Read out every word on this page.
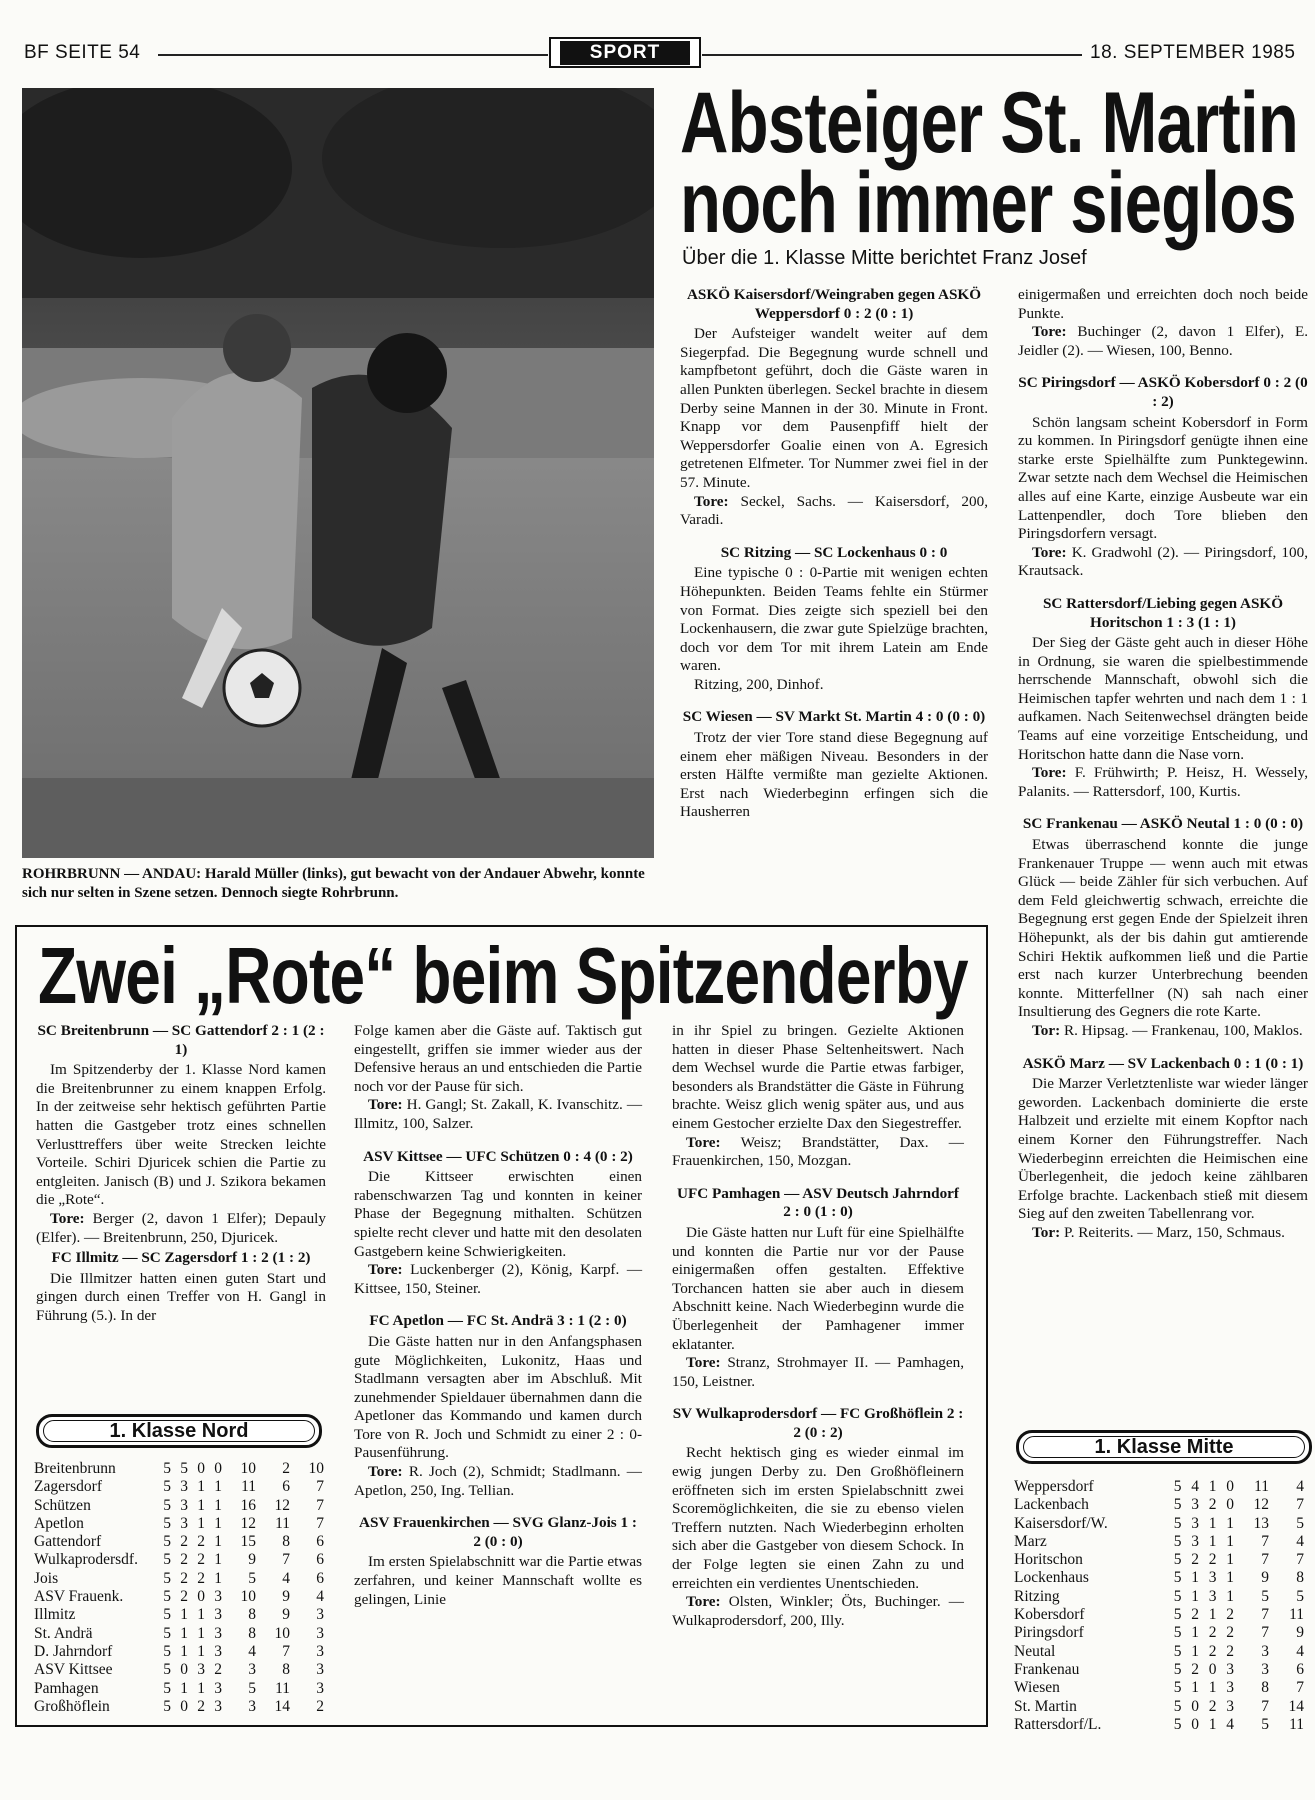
BF SEITE 54	SPORT	18. SEPTEMBER 1985
ROHRBRUNN — ANDAU: Harald Müller (links), gut bewacht von der Andauer Abwehr, konnte sich nur selten in Szene setzen. Dennoch siegte Rohrbrunn.
Absteiger St. Martin
noch immer sieglos
Über die 1. Klasse Mitte berichtet Franz Josef
ASKÖ Kaisersdorf/Weingraben gegen ASKÖ Weppersdorf 0 : 2 (0 : 1)

Der Aufsteiger wandelt weiter auf dem Siegerpfad. Die Begegnung wurde schnell und kampfbetont geführt, doch die Gäste waren in allen Punkten überlegen. Seckel brachte in diesem Derby seine Mannen in der 30. Minute in Front. Knapp vor dem Pausenpfiff hielt der Weppersdorfer Goalie einen von A. Egresich getretenen Elfmeter. Tor Nummer zwei fiel in der 57. Minute.

Tore: Seckel, Sachs. — Kaisersdorf, 200, Varadi.

SC Ritzing — SC Lockenhaus 0 : 0

Eine typische 0 : 0-Partie mit wenigen echten Höhepunkten. Beiden Teams fehlte ein Stürmer von Format. Dies zeigte sich speziell bei den Lockenhausern, die zwar gute Spielzüge brachten, doch vor dem Tor mit ihrem Latein am Ende waren.

Ritzing, 200, Dinhof.

SC Wiesen — SV Markt St. Martin 4 : 0 (0 : 0)

Trotz der vier Tore stand diese Begegnung auf einem eher mäßigen Niveau. Besonders in der ersten Hälfte vermißte man gezielte Aktionen. Erst nach Wiederbeginn erfingen sich die Hausherren

einigermaßen und erreichten doch noch beide Punkte.

Tore: Buchinger (2, davon 1 Elfer), E. Jeidler (2). — Wiesen, 100, Benno.

SC Piringsdorf — ASKÖ Kobersdorf 0 : 2 (0 : 2)

Schön langsam scheint Kobersdorf in Form zu kommen. In Piringsdorf genügte ihnen eine starke erste Spielhälfte zum Punktegewinn. Zwar setzte nach dem Wechsel die Heimischen alles auf eine Karte, einzige Ausbeute war ein Lattenpendler, doch Tore blieben den Piringsdorfern versagt.

Tore: K. Gradwohl (2). — Piringsdorf, 100, Krautsack.

SC Rattersdorf/Liebing gegen ASKÖ Horitschon 1 : 3 (1 : 1)

Der Sieg der Gäste geht auch in dieser Höhe in Ordnung, sie waren die spielbestimmende herrschende Mannschaft, obwohl sich die Heimischen tapfer wehrten und nach dem 1 : 1 aufkamen. Nach Seitenwechsel drängten beide Teams auf eine vorzeitige Entscheidung, und Horitschon hatte dann die Nase vorn.

Tore: F. Frühwirth; P. Heisz, H. Wessely, Palanits. — Rattersdorf, 100, Kurtis.

SC Frankenau — ASKÖ Neutal 1 : 0 (0 : 0)

Etwas überraschend konnte die junge Frankenauer Truppe — wenn auch mit etwas Glück — beide Zähler für sich verbuchen. Auf dem Feld gleichwertig schwach, erreichte die Begegnung erst gegen Ende der Spielzeit ihren Höhepunkt, als der bis dahin gut amtierende Schiri Hektik aufkommen ließ und die Partie erst nach kurzer Unterbrechung beenden konnte. Mitterfellner (N) sah nach einer Insultierung des Gegners die rote Karte.

Tor: R. Hipsag. — Frankenau, 100, Maklos.

ASKÖ Marz — SV Lackenbach 0 : 1 (0 : 1)

Die Marzer Verletztenliste war wieder länger geworden. Lackenbach dominierte die erste Halbzeit und erzielte mit einem Kopftor nach einem Korner den Führungstreffer. Nach Wiederbeginn erreichten die Heimischen eine Überlegenheit, die jedoch keine zählbaren Erfolge brachte. Lackenbach stieß mit diesem Sieg auf den zweiten Tabellenrang vor.

Tor: P. Reiterits. — Marz, 150, Schmaus.

Zwei „Rote“ beim Spitzenderby
SC Breitenbrunn — SC Gattendorf 2 : 1 (2 : 1)

Im Spitzenderby der 1. Klasse Nord kamen die Breitenbrunner zu einem knappen Erfolg. In der zeitweise sehr hektisch geführten Partie hatten die Gastgeber trotz eines schnellen Verlusttreffers über weite Strecken leichte Vorteile. Schiri Djuricek schien die Partie zu entgleiten. Janisch (B) und J. Szikora bekamen die „Rote“.

Tore: Berger (2, davon 1 Elfer); Depauly (Elfer). — Breitenbrunn, 250, Djuricek.

FC Illmitz — SC Zagersdorf 1 : 2 (1 : 2)

Die Illmitzer hatten einen guten Start und gingen durch einen Treffer von H. Gangl in Führung (5.). In der

Folge kamen aber die Gäste auf. Taktisch gut eingestellt, griffen sie immer wieder aus der Defensive heraus an und entschieden die Partie noch vor der Pause für sich.

Tore: H. Gangl; St. Zakall, K. Ivanschitz. — Illmitz, 100, Salzer.

ASV Kittsee — UFC Schützen 0 : 4 (0 : 2)

Die Kittseer erwischten einen rabenschwarzen Tag und konnten in keiner Phase der Begegnung mithalten. Schützen spielte recht clever und hatte mit den desolaten Gastgebern keine Schwierigkeiten.

Tore: Luckenberger (2), König, Karpf. — Kittsee, 150, Steiner.

FC Apetlon — FC St. Andrä 3 : 1 (2 : 0)

Die Gäste hatten nur in den Anfangsphasen gute Möglichkeiten, Lukonitz, Haas und Stadlmann versagten aber im Abschluß. Mit zunehmender Spieldauer übernahmen dann die Apetloner das Kommando und kamen durch Tore von R. Joch und Schmidt zu einer 2 : 0-Pausenführung.

Tore: R. Joch (2), Schmidt; Stadlmann. — Apetlon, 250, Ing. Tellian.

ASV Frauenkirchen — SVG Glanz-Jois 1 : 2 (0 : 0)

Im ersten Spielabschnitt war die Partie etwas zerfahren, und keiner Mannschaft wollte es gelingen, Linie

in ihr Spiel zu bringen. Gezielte Aktionen hatten in dieser Phase Seltenheitswert. Nach dem Wechsel wurde die Partie etwas farbiger, besonders als Brandstätter die Gäste in Führung brachte. Weisz glich wenig später aus, und aus einem Gestocher erzielte Dax den Siegestreffer.

Tore: Weisz; Brandstätter, Dax. — Frauenkirchen, 150, Mozgan.

UFC Pamhagen — ASV Deutsch Jahrndorf 2 : 0 (1 : 0)

Die Gäste hatten nur Luft für eine Spielhälfte und konnten die Partie nur vor der Pause einigermaßen offen gestalten. Effektive Torchancen hatten sie aber auch in diesem Abschnitt keine. Nach Wiederbeginn wurde die Überlegenheit der Pamhagener immer eklatanter.

Tore: Stranz, Strohmayer II. — Pamhagen, 150, Leistner.

SV Wulkaprodersdorf — FC Großhöflein 2 : 2 (0 : 2)

Recht hektisch ging es wieder einmal im ewig jungen Derby zu. Den Großhöfleinern eröffneten sich im ersten Spielabschnitt zwei Scoremöglichkeiten, die sie zu ebenso vielen Treffern nutzten. Nach Wiederbeginn erholten sich aber die Gastgeber von diesem Schock. In der Folge legten sie einen Zahn zu und erreichten ein verdientes Unentschieden.

Tore: Olsten, Winkler; Öts, Buchinger. — Wulkaprodersdorf, 200, Illy.

1. Klasse Nord
Breitenbrunn	5	5	0	0	10	2	10
Zagersdorf	5	3	1	1	11	6	7
Schützen	5	3	1	1	16	12	7
Apetlon	5	3	1	1	12	11	7
Gattendorf	5	2	2	1	15	8	6
Wulkaprodersdf.	5	2	2	1	9	7	6
Jois	5	2	2	1	5	4	6
ASV Frauenk.	5	2	0	3	10	9	4
Illmitz	5	1	1	3	8	9	3
St. Andrä	5	1	1	3	8	10	3
D. Jahrndorf	5	1	1	3	4	7	3
ASV Kittsee	5	0	3	2	3	8	3
Pamhagen	5	1	1	3	5	11	3
Großhöflein	5	0	2	3	3	14	2
1. Klasse Mitte
Weppersdorf	5	4	1	0	11	4
Lackenbach	5	3	2	0	12	7
Kaisersdorf/W.	5	3	1	1	13	5
Marz	5	3	1	1	7	4
Horitschon	5	2	2	1	7	7
Lockenhaus	5	1	3	1	9	8
Ritzing	5	1	3	1	5	5
Kobersdorf	5	2	1	2	7	11
Piringsdorf	5	1	2	2	7	9
Neutal	5	1	2	2	3	4
Frankenau	5	2	0	3	3	6
Wiesen	5	1	1	3	8	7
St. Martin	5	0	2	3	7	14
Rattersdorf/L.	5	0	1	4	5	11
